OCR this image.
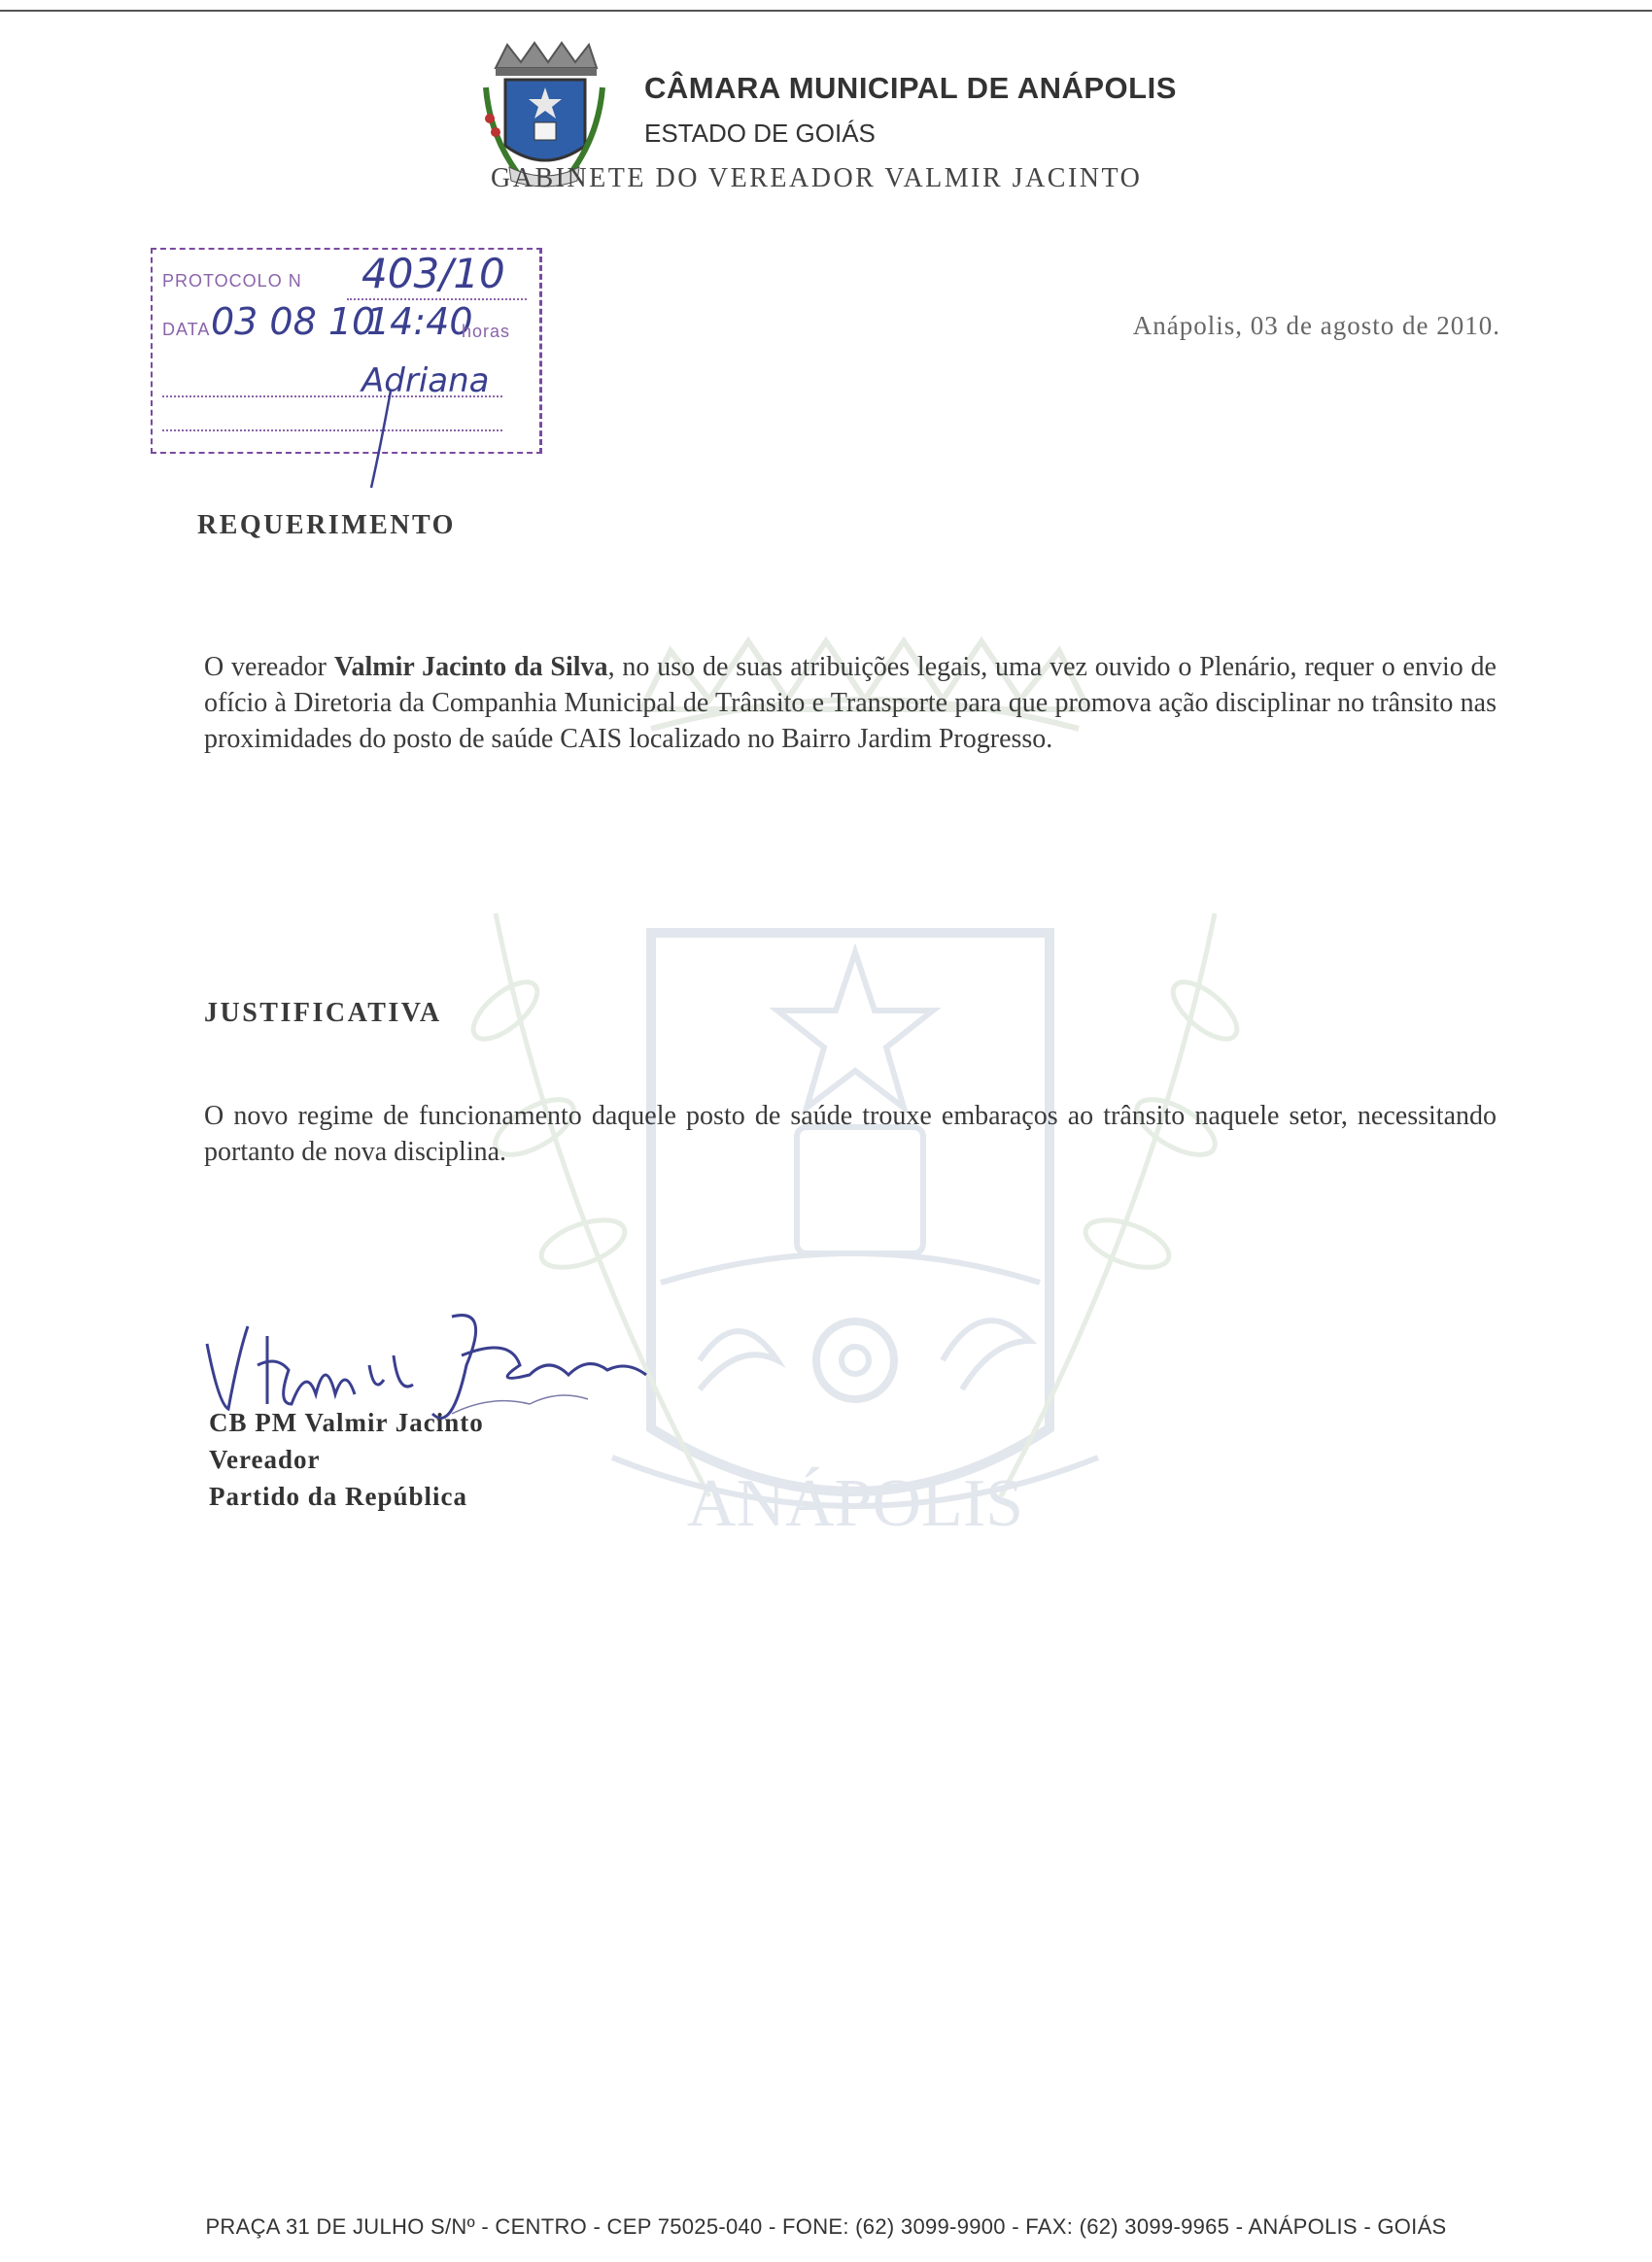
ANÁPOLIS
CÂMARA MUNICIPAL DE ANÁPOLIS
ESTADO DE GOIÁS
GABINETE DO VEREADOR VALMIR JACINTO
PROTOCOLO N 403/10
DATA 03 08 10
14:40
horas
Adriana
Anápolis, 03 de agosto de 2010.
REQUERIMENTO
O vereador Valmir Jacinto da Silva, no uso de suas atribuições legais, uma vez ouvido o Plenário, requer o envio de ofício à Diretoria da Companhia Municipal de Trânsito e Transporte para que promova ação disciplinar no trânsito nas proximidades do posto de saúde CAIS localizado no Bairro Jardim Progresso.
JUSTIFICATIVA
O novo regime de funcionamento daquele posto de saúde trouxe embaraços ao trânsito naquele setor, necessitando portanto de nova disciplina.
CB PM Valmir Jacinto
Vereador
Partido da República
PRAÇA 31 DE JULHO S/Nº - CENTRO - CEP 75025-040 - FONE: (62) 3099-9900 - FAX: (62) 3099-9965 - ANÁPOLIS - GOIÁS
